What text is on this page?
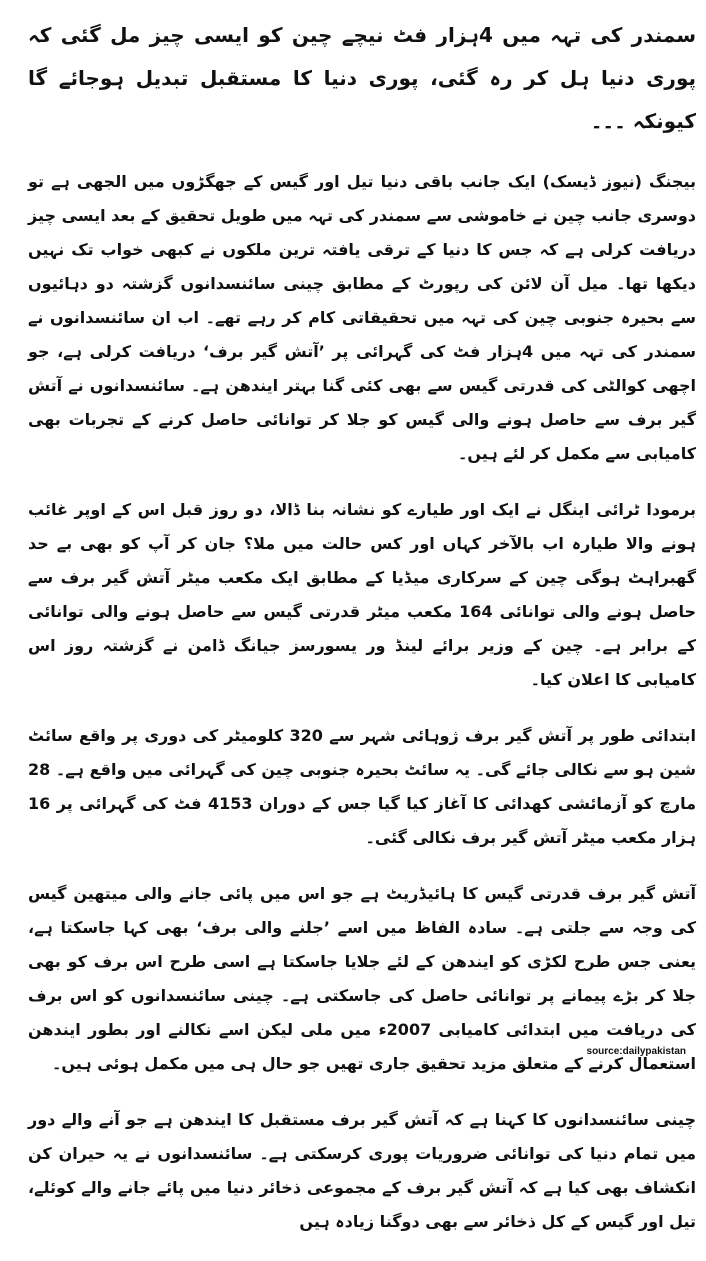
سمندر کی تہہ میں 4ہزار فٹ نیچے چین کو ایسی چیز مل گئی کہ پوری دنیا ہل کر رہ گئی، پوری دنیا کا مستقبل تبدیل ہوجائے گا کیونکہ ۔۔۔

بیجنگ (نیوز ڈیسک) ایک جانب باقی دنیا تیل اور گیس کے جھگڑوں میں الجھی ہے تو دوسری جانب چین نے خاموشی سے سمندر کی تہہ میں طویل تحقیق کے بعد ایسی چیز دریافت کرلی ہے کہ جس کا دنیا کے ترقی یافتہ ترین ملکوں نے کبھی خواب تک نہیں دیکھا تھا۔ میل آن لائن کی رپورٹ کے مطابق چینی سائنسدانوں گزشتہ دو دہائیوں سے بحیرہ جنوبی چین کی تہہ میں تحقیقاتی کام کر رہے تھے۔ اب ان سائنسدانوں نے سمندر کی تہہ میں 4ہزار فٹ کی گہرائی پر ’آتش گیر برف‘ دریافت کرلی ہے، جو اچھی کوالٹی کی قدرتی گیس سے بھی کئی گنا بہتر ایندھن ہے۔ سائنسدانوں نے آتش گیر برف سے حاصل ہونے والی گیس کو جلا کر توانائی حاصل کرنے کے تجربات بھی کامیابی سے مکمل کر لئے ہیں۔

برمودا ٹرائی اینگل نے ایک اور طیارے کو نشانہ بنا ڈالا، دو روز قبل اس کے اوپر غائب ہونے والا طیارہ اب بالآخر کہاں اور کس حالت میں ملا؟ جان کر آپ کو بھی بے حد گھبراہٹ ہوگی چین کے سرکاری میڈیا کے مطابق ایک مکعب میٹر آتش گیر برف سے حاصل ہونے والی توانائی 164 مکعب میٹر قدرتی گیس سے حاصل ہونے والی توانائی کے برابر ہے۔ چین کے وزیر برائے لینڈ ور یسورسز جیانگ ڈامن نے گزشتہ روز اس کامیابی کا اعلان کیا۔

ابتدائی طور پر آتش گیر برف ژوہائی شہر سے 320 کلومیٹر کی دوری پر واقع سائٹ شین ہو سے نکالی جائے گی۔ یہ سائٹ بحیرہ جنوبی چین کی گہرائی میں واقع ہے۔ 28 مارچ کو آزمائشی کھدائی کا آغاز کیا گیا جس کے دوران 4153 فٹ کی گہرائی پر 16 ہزار مکعب میٹر آتش گیر برف نکالی گئی۔

آتش گیر برف قدرتی گیس کا ہائیڈریٹ ہے جو اس میں پائی جانے والی میتھین گیس کی وجہ سے جلتی ہے۔ سادہ الفاظ میں اسے ’جلنے والی برف‘ بھی کہا جاسکتا ہے، یعنی جس طرح لکڑی کو ایندھن کے لئے جلایا جاسکتا ہے اسی طرح اس برف کو بھی جلا کر بڑے پیمانے پر توانائی حاصل کی جاسکتی ہے۔ چینی سائنسدانوں کو اس برف کی دریافت میں ابتدائی کامیابی 2007ء میں ملی لیکن اسے نکالنے اور بطور ایندھن استعمال کرنے کے متعلق مزید تحقیق جاری تھیں جو حال ہی میں مکمل ہوئی ہیں۔

چینی سائنسدانوں کا کہنا ہے کہ آتش گیر برف مستقبل کا ایندھن ہے جو آنے والے دور میں تمام دنیا کی توانائی ضروریات پوری کرسکتی ہے۔ سائنسدانوں نے یہ حیران کن انکشاف بھی کیا ہے کہ آتش گیر برف کے مجموعی ذخائر دنیا میں پائے جانے والے کوئلے، تیل اور گیس کے کل ذخائر سے بھی دوگنا زیادہ ہیں

source:dailypakistan
